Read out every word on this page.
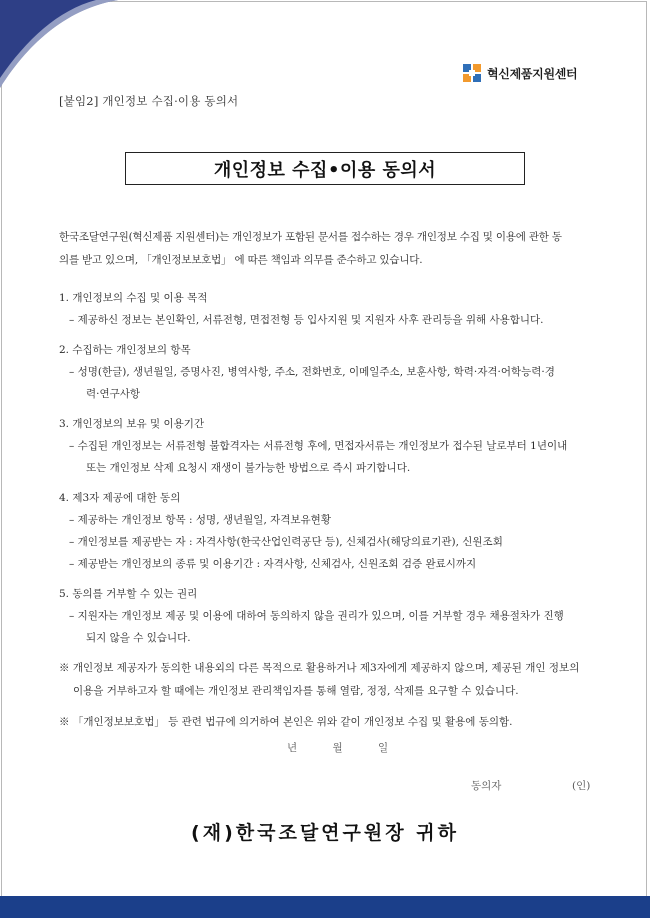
혁신제품지원센터
[붙임2] 개인정보 수집·이용 동의서
개인정보 수집•이용 동의서
한국조달연구원(혁신제품 지원센터)는 개인정보가 포함된 문서를 접수하는 경우 개인정보 수집 및 이용에 관한 동
의를 받고 있으며, 「개인정보보호법」 에 따른 책임과 의무를 준수하고 있습니다.
1. 개인정보의 수집 및 이용 목적
– 제공하신 정보는 본인확인, 서류전형, 면접전형 등 입사지원 및 지원자 사후 관리등을 위해 사용합니다.
2. 수집하는 개인정보의 항목
– 성명(한글), 생년월일, 증명사진, 병역사항, 주소, 전화번호, 이메일주소, 보훈사항, 학력·자격·어학능력·경
력·연구사항
3. 개인정보의 보유 및 이용기간
– 수집된 개인정보는 서류전형 불합격자는 서류전형 후에, 면접자서류는 개인정보가 접수된 날로부터 1년이내
또는 개인정보 삭제 요청시 재생이 불가능한 방법으로 즉시 파기합니다.
4. 제3자 제공에 대한 동의
– 제공하는 개인정보 항목 : 성명, 생년월일, 자격보유현황
– 개인정보를 제공받는 자 : 자격사항(한국산업인력공단 등), 신체검사(해당의료기관), 신원조회
– 제공받는 개인정보의 종류 및 이용기간 : 자격사항, 신체검사, 신원조회 검증 완료시까지
5. 동의를 거부할 수 있는 권리
– 지원자는 개인정보 제공 및 이용에 대하여 동의하지 않을 권리가 있으며, 이를 거부할 경우 채용절차가 진행
되지 않을 수 있습니다.
※ 개인정보 제공자가 동의한 내용외의 다른 목적으로 활용하거나 제3자에게 제공하지 않으며, 제공된 개인 정보의
이용을 거부하고자 할 때에는 개인정보 관리책임자를 통해 열람, 정정, 삭제를 요구할 수 있습니다.
※ 「개인정보보호법」 등 관련 법규에 의거하여 본인은 위와 같이 개인정보 수집 및 활용에 동의함.
년	월	일
동의자	(인)
(재)한국조달연구원장 귀하
